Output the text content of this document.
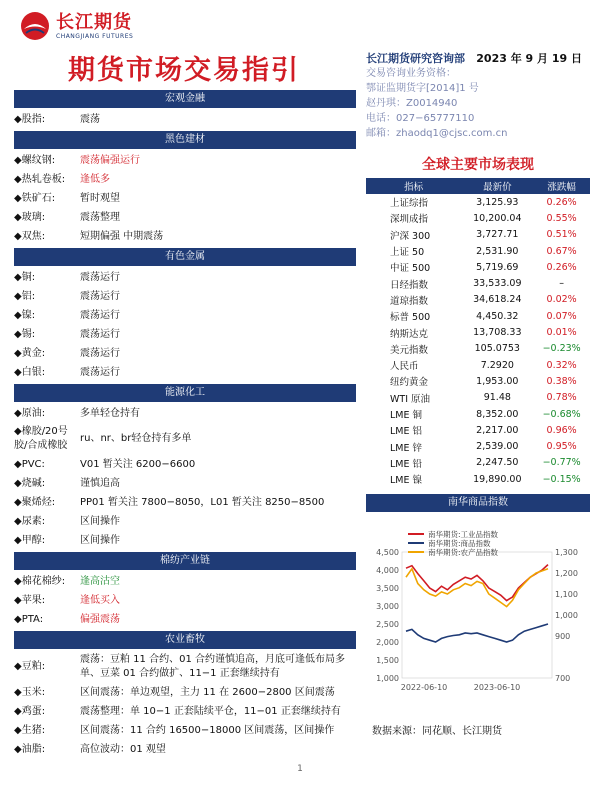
长江期货
CHANGJIANG FUTURES
期货市场交易指引
宏观金融
◆股指:	震荡
黑色建材
◆螺纹钢:	震荡偏强运行
◆热轧卷板:	逢低多
◆铁矿石:	暂时观望
◆玻璃:	震荡整理
◆双焦:	短期偏强 中期震荡
有色金属
◆铜:	震荡运行
◆铝:	震荡运行
◆镍:	震荡运行
◆锡:	震荡运行
◆黄金:	震荡运行
◆白银:	震荡运行
能源化工
◆原油:	多单轻仓持有
◆橡胶/20号胶/合成橡胶
ru、nr、br轻仓持有多单
◆PVC:	V01 暂关注 6200−6600
◆烧碱:	谨慎追高
◆聚烯烃:	PP01 暂关注 7800−8050，L01 暂关注 8250−8500
◆尿素:	区间操作
◆甲醇:	区间操作
棉纺产业链
◆棉花棉纱:	逢高沽空
◆苹果:	逢低买入
◆PTA:	偏强震荡
农业畜牧
◆豆粕:
震荡：豆粕 11 合约、01 合约谨慎追高，月底可逢低布局多单、豆菜 01 合约做扩、11−1 正套继续持有
◆玉米:	区间震荡：单边观望，主力 11 在 2600−2800 区间震荡
◆鸡蛋:	震荡整理：单 10−1 正套陆续平仓，11−01 正套继续持有
◆生猪:	区间震荡：11 合约 16500−18000 区间震荡，区间操作
◆油脂:	高位波动：01 观望
长江期货研究咨询部	2023 年 9 月 19 日
交易咨询业务资格：
鄂证监期货字[2014]1 号
赵丹琪：Z0014940
电话：027−65777110
邮箱：zhaodq1@cjsc.com.cn
全球主要市场表现
指标	最新价	涨跌幅
上证综指	3,125.93	0.26%
深圳成指	10,200.04	0.55%
沪深 300	3,727.71	0.51%
上证 50	2,531.90	0.67%
中证 500	5,719.69	0.26%
日经指数	33,533.09	–
道琼指数	34,618.24	0.02%
标普 500	4,450.32	0.07%
纳斯达克	13,708.33	0.01%
美元指数	105.0753	−0.23%
人民币	7.2920	0.32%
纽约黄金	1,953.00	0.38%
WTI 原油	91.48	0.78%
LME 铜	8,352.00	−0.68%
LME 铝	2,217.00	0.96%
LME 锌	2,539.00	0.95%
LME 铅	2,247.50	−0.77%
LME 镍	19,890.00	−0.15%
南华商品指数
1,000
1,500
2,000
2,500
3,000
3,500
4,000
4,500
700
900
1,000
1,100
1,200
1,300
2022-06-10	2023-06-10
南华期货:工业品指数
南华期货:商品指数
南华期货:农产品指数
数据来源：同花顺、长江期货
1
